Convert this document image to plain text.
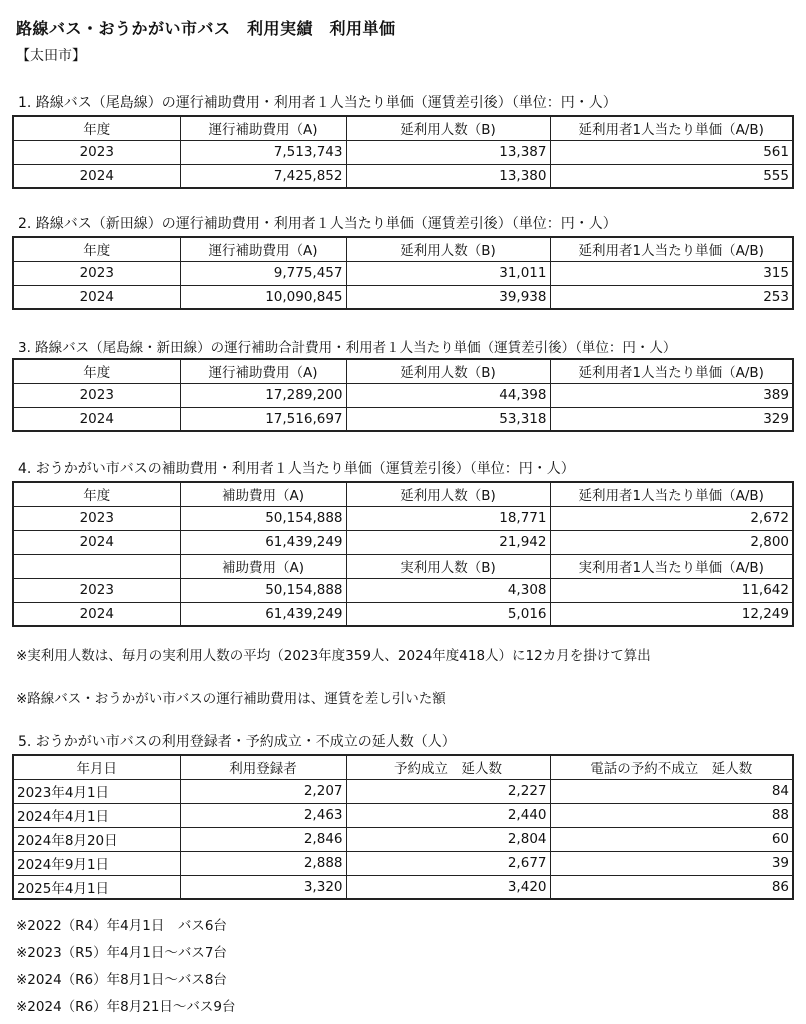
路線バス・おうかがい市バス　利用実績　利用単価
【太田市】
1. 路線バス（尾島線）の運行補助費用・利用者１人当たり単価（運賃差引後）（単位：円・人）
年度	運行補助費用（A)	延利用人数（B)	延利用者1人当たり単価（A/B)
2023	7,513,743	13,387	561
2024	7,425,852	13,380	555
2. 路線バス（新田線）の運行補助費用・利用者１人当たり単価（運賃差引後）（単位：円・人）
年度	運行補助費用（A)	延利用人数（B)	延利用者1人当たり単価（A/B)
2023	9,775,457	31,011	315
2024	10,090,845	39,938	253
3. 路線バス（尾島線・新田線）の運行補助合計費用・利用者１人当たり単価（運賃差引後）（単位：円・人）
年度	運行補助費用（A)	延利用人数（B)	延利用者1人当たり単価（A/B)
2023	17,289,200	44,398	389
2024	17,516,697	53,318	329
4. おうかがい市バスの補助費用・利用者１人当たり単価（運賃差引後）（単位：円・人）
年度	補助費用（A)	延利用人数（B)	延利用者1人当たり単価（A/B)
2023	50,154,888	18,771	2,672
2024	61,439,249	21,942	2,800
	補助費用（A)	実利用人数（B)	実利用者1人当たり単価（A/B)
2023	50,154,888	4,308	11,642
2024	61,439,249	5,016	12,249
※実利用人数は、毎月の実利用人数の平均（2023年度359人、2024年度418人）に12カ月を掛けて算出
※路線バス・おうかがい市バスの運行補助費用は、運賃を差し引いた額
5. おうかがい市バスの利用登録者・予約成立・不成立の延人数（人）
年月日	利用登録者	予約成立　延人数	電話の予約不成立　延人数
2023年4月1日	2,207	2,227	84
2024年4月1日	2,463	2,440	88
2024年8月20日	2,846	2,804	60
2024年9月1日	2,888	2,677	39
2025年4月1日	3,320	3,420	86
※2022（R4）年4月1日　バス6台
※2023（R5）年4月1日～バス7台
※2024（R6）年8月1日～バス8台
※2024（R6）年8月21日～バス9台
